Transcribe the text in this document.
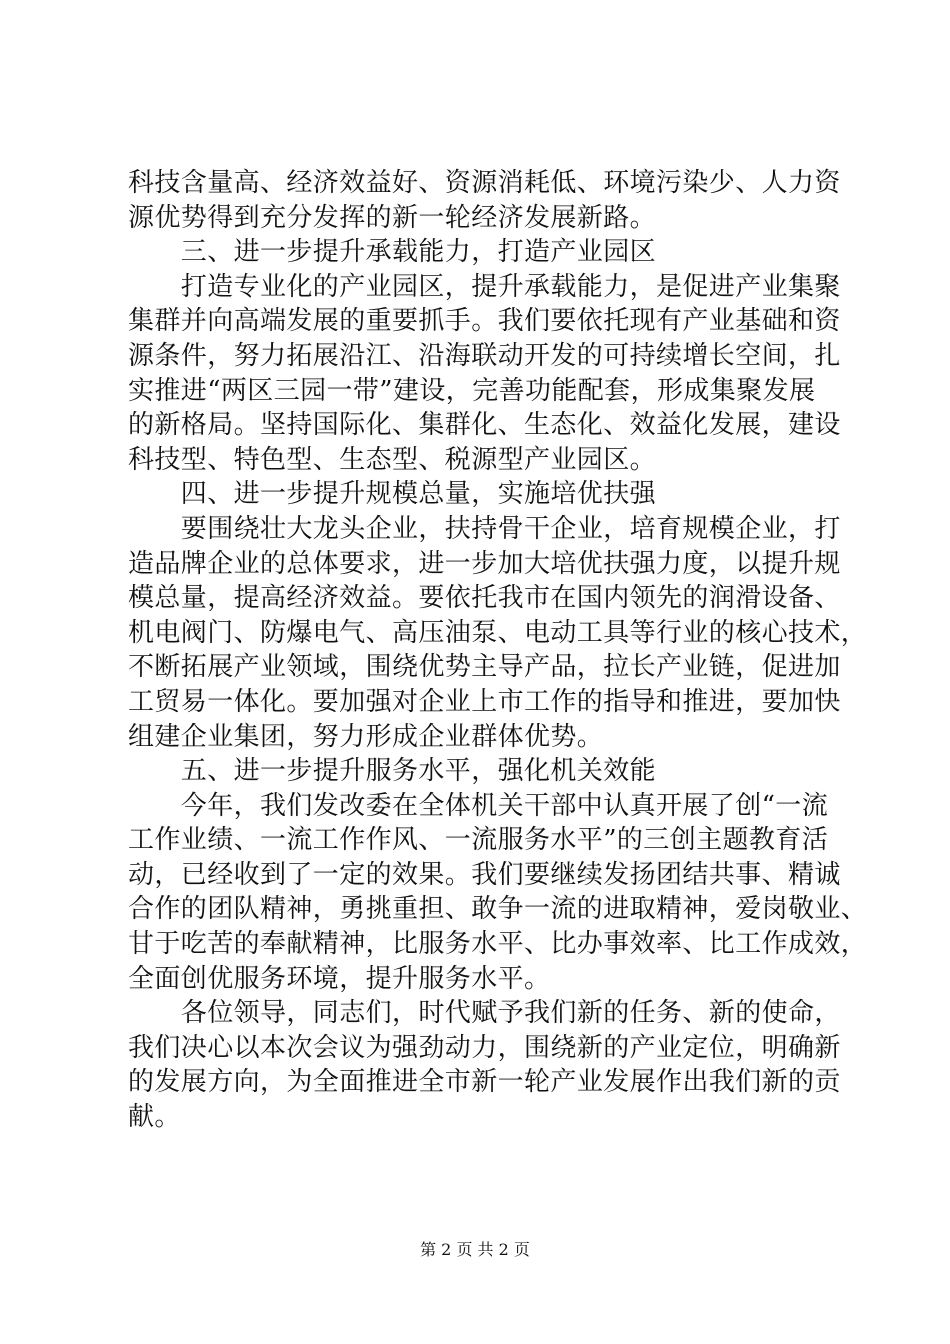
科技含量高、经济效益好、资源消耗低、环境污染少、人力资
源优势得到充分发挥的新一轮经济发展新路。
　　三、进一步提升承载能力，打造产业园区
　　打造专业化的产业园区，提升承载能力，是促进产业集聚
集群并向高端发展的重要抓手。我们要依托现有产业基础和资
源条件，努力拓展沿江、沿海联动开发的可持续增长空间，扎
实推进“两区三园一带”建设，完善功能配套，形成集聚发展
的新格局。坚持国际化、集群化、生态化、效益化发展，建设
科技型、特色型、生态型、税源型产业园区。
　　四、进一步提升规模总量，实施培优扶强
　　要围绕壮大龙头企业，扶持骨干企业，培育规模企业，打
造品牌企业的总体要求，进一步加大培优扶强力度，以提升规
模总量，提高经济效益。要依托我市在国内领先的润滑设备、
机电阀门、防爆电气、高压油泵、电动工具等行业的核心技术，
不断拓展产业领域，围绕优势主导产品，拉长产业链，促进加
工贸易一体化。要加强对企业上市工作的指导和推进，要加快
组建企业集团，努力形成企业群体优势。
　　五、进一步提升服务水平，强化机关效能
　　今年，我们发改委在全体机关干部中认真开展了创“一流
工作业绩、一流工作作风、一流服务水平”的三创主题教育活
动，已经收到了一定的效果。我们要继续发扬团结共事、精诚
合作的团队精神，勇挑重担、敢争一流的进取精神，爱岗敬业、
甘于吃苦的奉献精神，比服务水平、比办事效率、比工作成效，
全面创优服务环境，提升服务水平。
　　各位领导，同志们，时代赋予我们新的任务、新的使命，
我们决心以本次会议为强劲动力，围绕新的产业定位，明确新
的发展方向，为全面推进全市新一轮产业发展作出我们新的贡
献。
第 2 页 共 2 页
